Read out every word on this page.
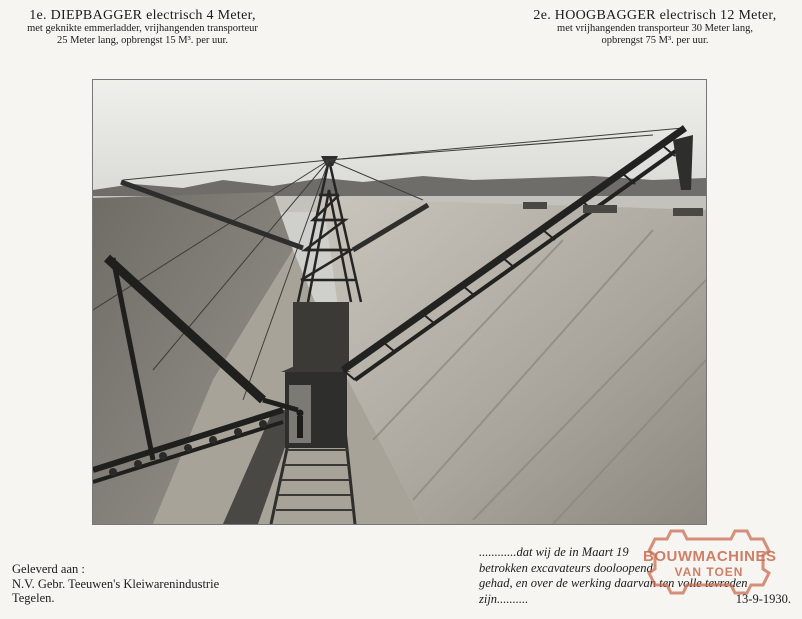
1e. DIEPBAGGER electrisch 4 Meter,
met geknikte emmerladder, vrijhangenden transporteur
25 Meter lang, opbrengst 15 M³. per uur.
2e. HOOGBAGGER electrisch 12 Meter,
met vrijhangenden transporteur 30 Meter lang,
opbrengst 75 M³. per uur.
Geleverd aan :
N.V. Gebr. Teeuwen's Kleiwarenindustrie
Tegelen.
............dat wij de in Maart 19
betrokken excavateurs dooloopend
gehad, en over de werking daarvan ten volle tevreden
zijn..........	13-9-1930.
BOUWMACHINES
VAN TOEN
